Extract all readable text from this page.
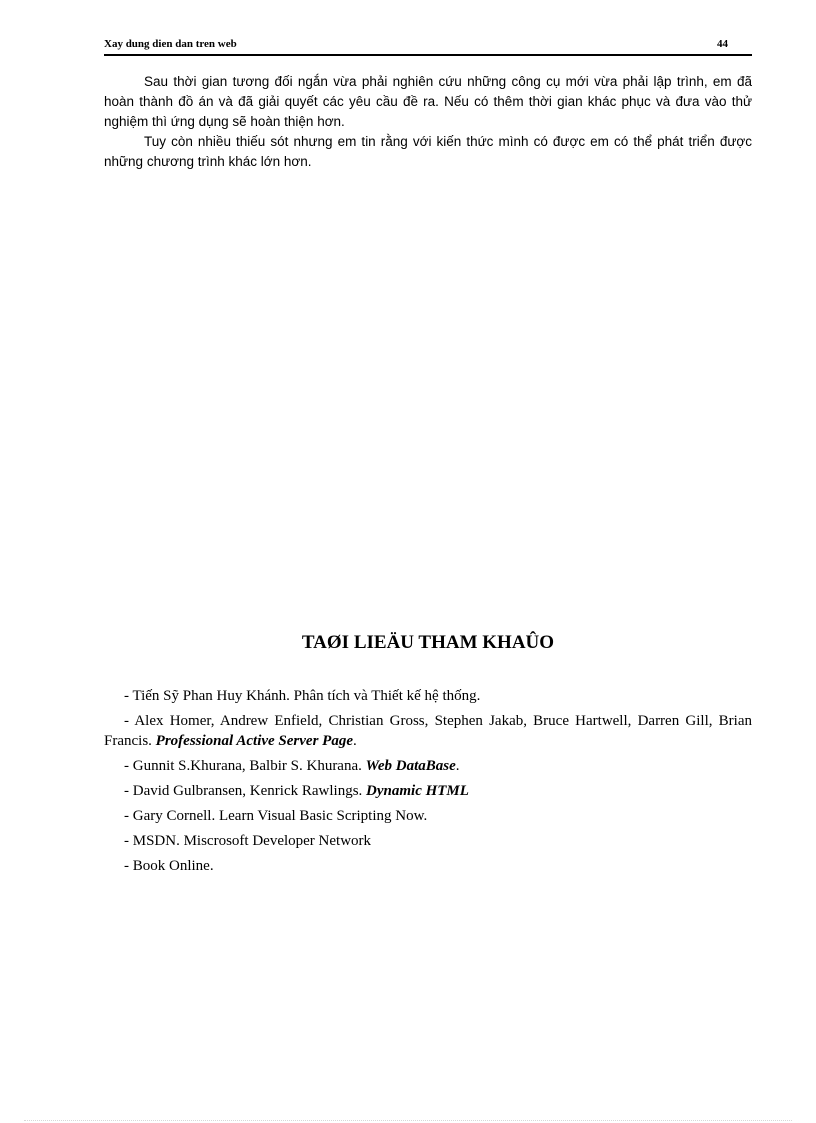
Xay dung dien dan tren web	44

Sau thời gian tương đối ngắn vừa phải nghiên cứu những công cụ mới vừa phải lập trình, em đã hoàn thành đồ án và đã giải quyết các yêu cầu đề ra. Nếu có thêm thời gian khác phục và đưa vào thử nghiệm thì ứng dụng sẽ hoàn thiện hơn.

Tuy còn nhiều thiếu sót nhưng em tin rằng với kiến thức mình có được em có thể phát triển được những chương trình khác lớn hơn.

TAØI LIEÄU THAM KHAÛO

- Tiến Sỹ Phan Huy Khánh. Phân tích và Thiết kế hệ thống.

- Alex Homer, Andrew Enfield, Christian Gross, Stephen Jakab, Bruce Hartwell, Darren Gill, Brian Francis. Professional Active Server Page.

- Gunnit S.Khurana, Balbir S. Khurana. Web DataBase.

- David Gulbransen, Kenrick Rawlings. Dynamic HTML

- Gary Cornell. Learn Visual Basic Scripting Now.

- MSDN. Miscrosoft Developer Network

- Book Online.
